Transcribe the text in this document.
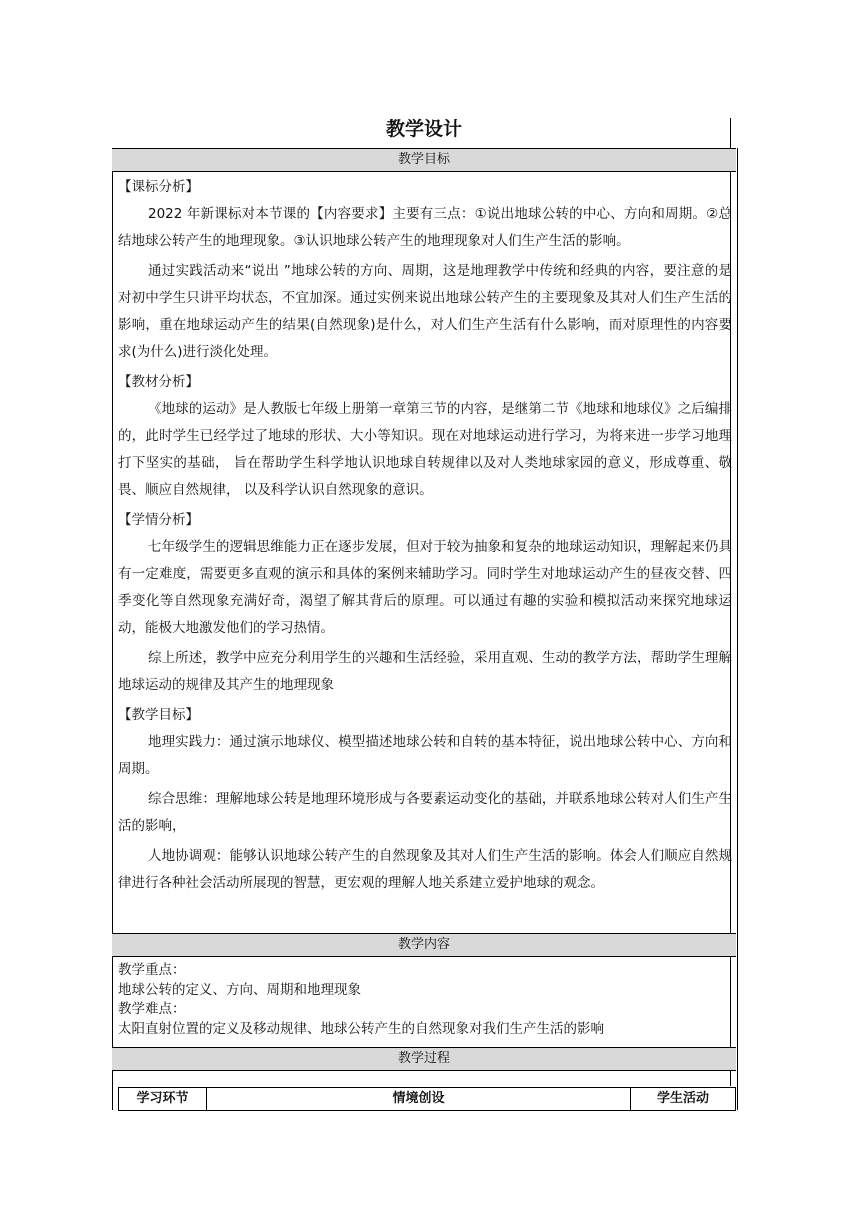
教学设计
教学目标
【课标分析】

2022 年新课标对本节课的【内容要求】主要有三点：①说出地球公转的中心、方向和周期。②总结地球公转产生的地理现象。③认识地球公转产生的地理现象对人们生产生活的影响。

通过实践活动来“说出 ”地球公转的方向、周期，这是地理教学中传统和经典的内容，要注意的是对初中学生只讲平均状态，不宜加深。通过实例来说出地球公转产生的主要现象及其对人们生产生活的影响，重在地球运动产生的结果(自然现象)是什么，对人们生产生活有什么影响，而对原理性的内容要求(为什么)进行淡化处理。

【教材分析】

《地球的运动》是人教版七年级上册第一章第三节的内容，是继第二节《地球和地球仪》之后编排的，此时学生已经学过了地球的形状、大小等知识。现在对地球运动进行学习，为将来进一步学习地理打下坚实的基础， 旨在帮助学生科学地认识地球自转规律以及对人类地球家园的意义，形成尊重、敬畏、顺应自然规律， 以及科学认识自然现象的意识。

【学情分析】

七年级学生的逻辑思维能力正在逐步发展，但对于较为抽象和复杂的地球运动知识，理解起来仍具有一定难度，需要更多直观的演示和具体的案例来辅助学习。同时学生对地球运动产生的昼夜交替、四季变化等自然现象充满好奇，渴望了解其背后的原理。可以通过有趣的实验和模拟活动来探究地球运动，能极大地激发他们的学习热情。

综上所述，教学中应充分利用学生的兴趣和生活经验，采用直观、生动的教学方法，帮助学生理解地球运动的规律及其产生的地理现象

【教学目标】

地理实践力：通过演示地球仪、模型描述地球公转和自转的基本特征，说出地球公转中心、方向和周期。

综合思维：理解地球公转是地理环境形成与各要素运动变化的基础，并联系地球公转对人们生产生活的影响，

人地协调观：能够认识地球公转产生的自然现象及其对人们生产生活的影响。体会人们顺应自然规律进行各种社会活动所展现的智慧，更宏观的理解人地关系建立爱护地球的观念。

教学内容
教学重点：
地球公转的定义、方向、周期和地理现象
教学难点：
太阳直射位置的定义及移动规律、地球公转产生的自然现象对我们生产生活的影响
教学过程
学习环节	情境创设	学生活动
